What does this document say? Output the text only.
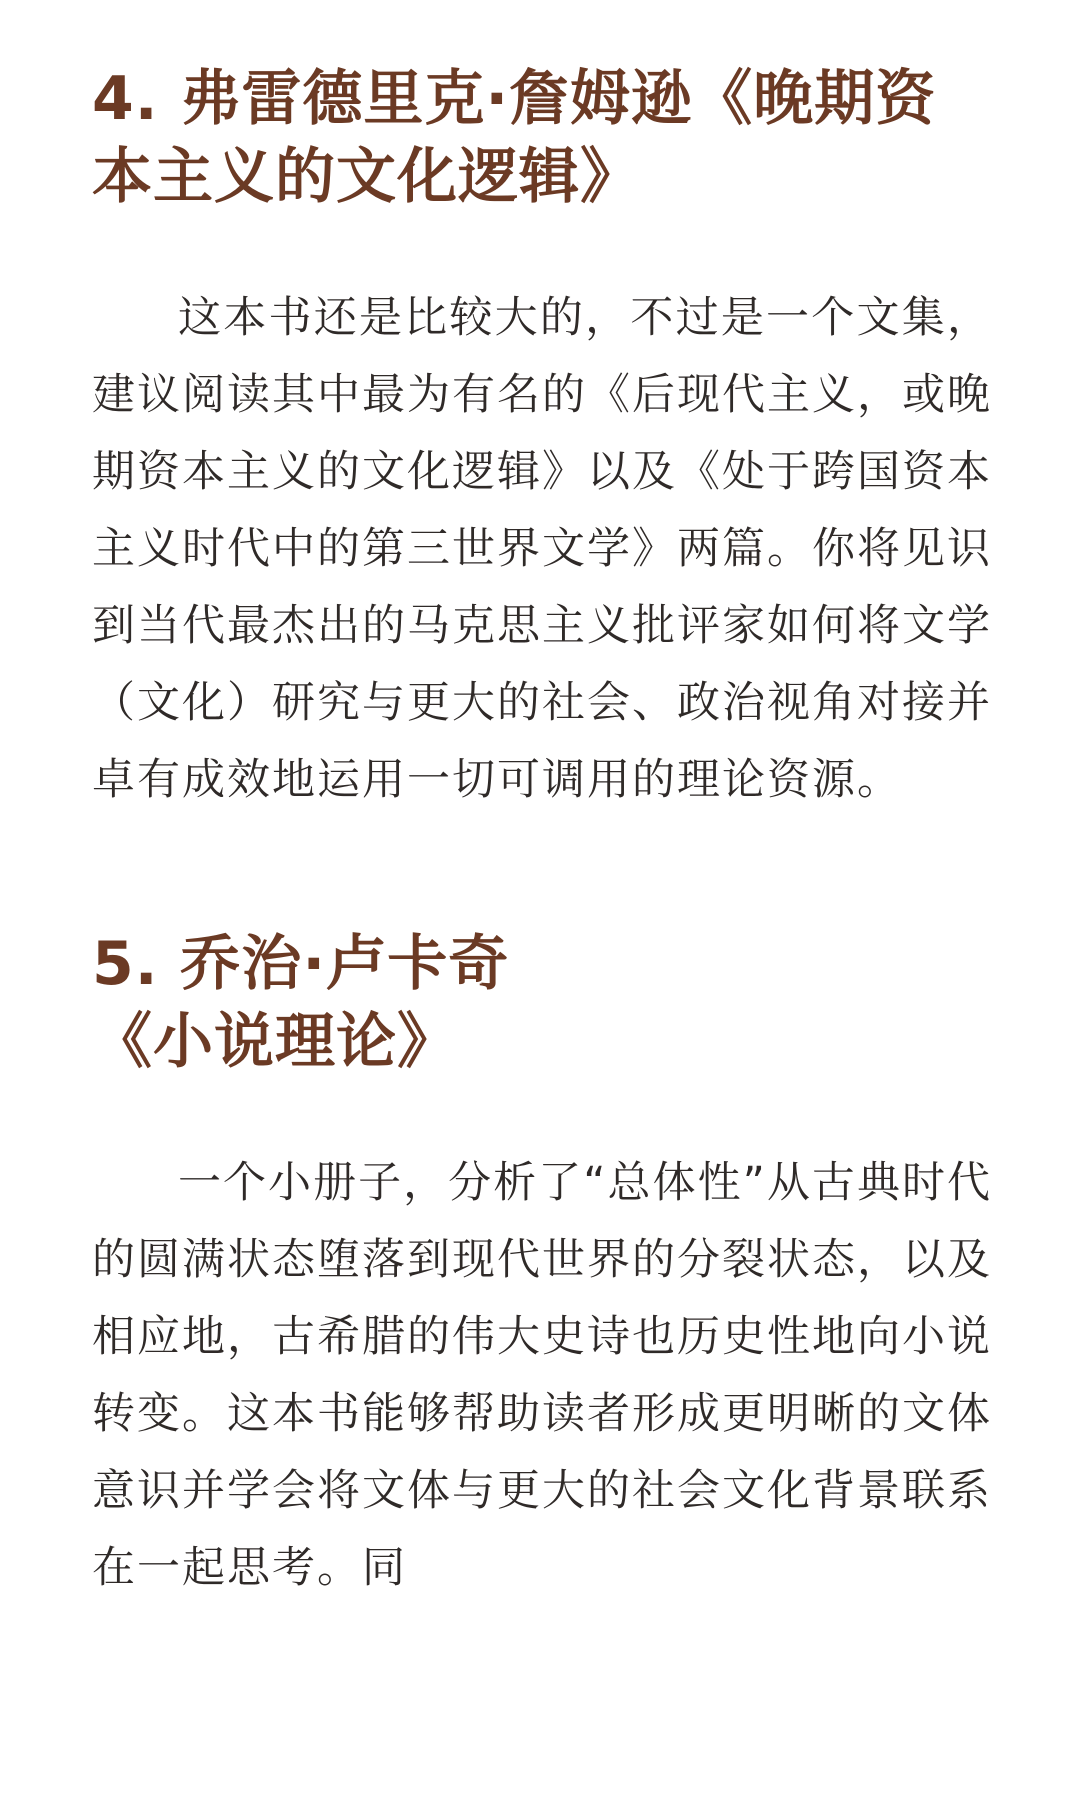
4. 弗雷德里克·詹姆逊《晚期资
本主义的文化逻辑》

这本书还是比较大的，不过是一个文集，建议阅读其中最为有名的《后现代主义，或晚期资本主义的文化逻辑》以及《处于跨国资本主义时代中的第三世界文学》两篇。你将见识到当代最杰出的马克思主义批评家如何将文学（文化）研究与更大的社会、政治视角对接并卓有成效地运用一切可调用的理论资源。

5. 乔治·卢卡奇
《小说理论》

一个小册子，分析了“总体性”从古典时代的圆满状态堕落到现代世界的分裂状态，以及相应地，古希腊的伟大史诗也历史性地向小说转变。这本书能够帮助读者形成更明晰的文体意识并学会将文体与更大的社会文化背景联系在一起思考。同
